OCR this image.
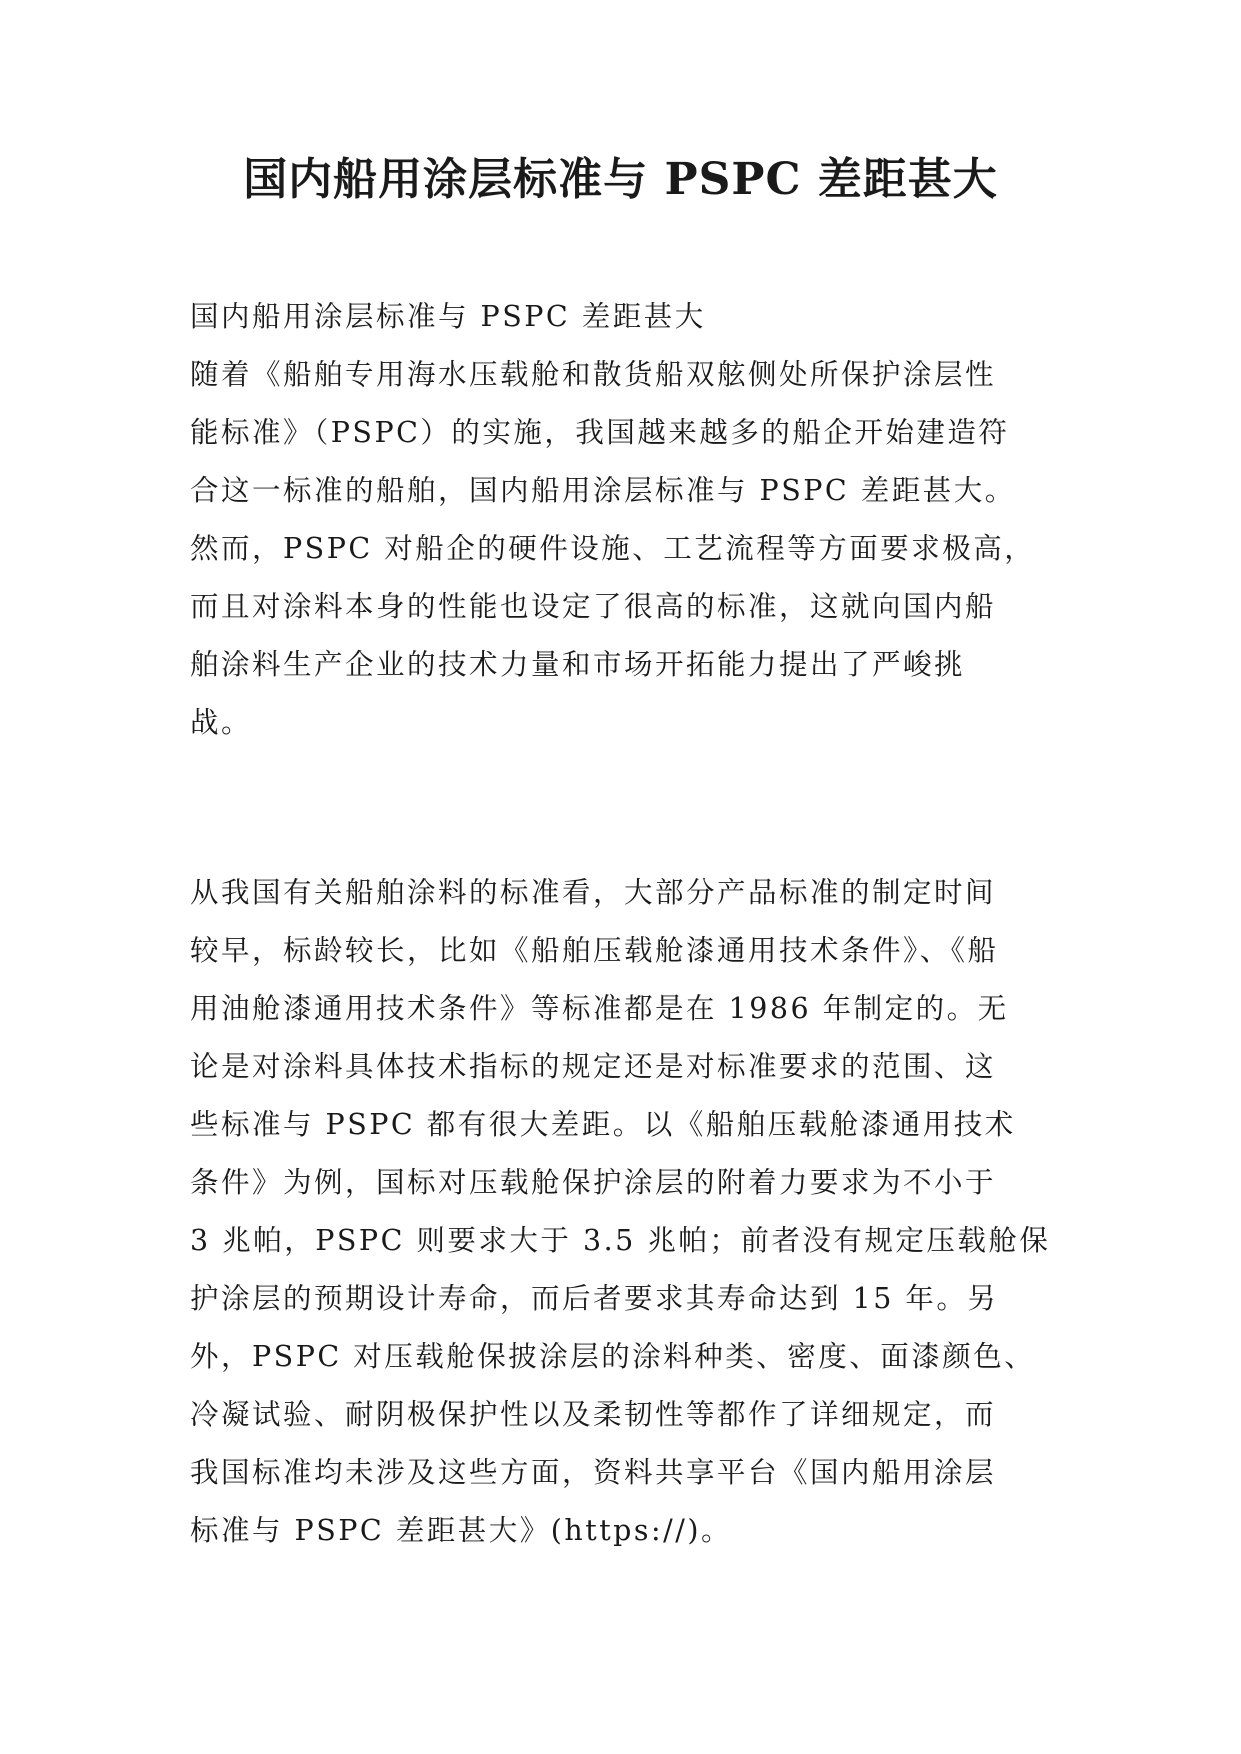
国内船用涂层标准与 PSPC 差距甚大
国内船用涂层标准与 PSPC 差距甚大
随着《船舶专用海水压载舱和散货船双舷侧处所保护涂层性
能标准》（PSPC）的实施，我国越来越多的船企开始建造符
合这一标准的船舶，国内船用涂层标准与 PSPC 差距甚大。
然而，PSPC 对船企的硬件设施、工艺流程等方面要求极高，
而且对涂料本身的性能也设定了很高的标准，这就向国内船
舶涂料生产企业的技术力量和市场开拓能力提出了严峻挑
战。
从我国有关船舶涂料的标准看，大部分产品标准的制定时间
较早，标龄较长，比如《船舶压载舱漆通用技术条件》、《船
用油舱漆通用技术条件》等标准都是在 1986 年制定的。无
论是对涂料具体技术指标的规定还是对标准要求的范围、这
些标准与 PSPC 都有很大差距。以《船舶压载舱漆通用技术
条件》为例，国标对压载舱保护涂层的附着力要求为不小于
3 兆帕，PSPC 则要求大于 3.5 兆帕；前者没有规定压载舱保
护涂层的预期设计寿命，而后者要求其寿命达到 15 年。另
外，PSPC 对压载舱保披涂层的涂料种类、密度、面漆颜色、
冷凝试验、耐阴极保护性以及柔韧性等都作了详细规定，而
我国标准均未涉及这些方面，资料共享平台《国内船用涂层
标准与 PSPC 差距甚大》(https://)。
